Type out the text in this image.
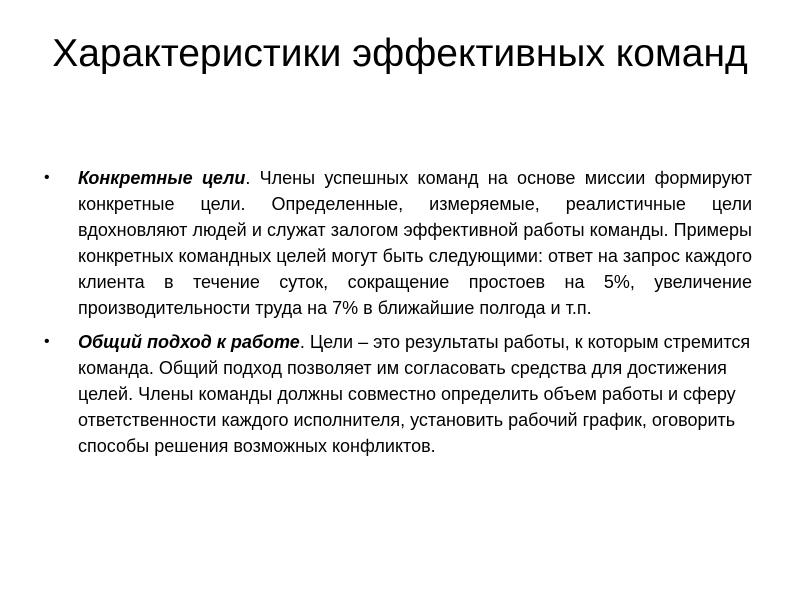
Характеристики эффективных команд
• Конкретные цели. Члены успешных команд на основе миссии формируют конкретные цели. Определенные, измеряемые, реалистичные цели вдохновляют людей и служат залогом эффективной работы команды. Примеры конкретных командных целей могут быть следующими: ответ на запрос каждого клиента в течение суток, сокращение простоев на 5%, увеличение производительности труда на 7% в ближайшие полгода и т.п.
• Общий подход к работе. Цели – это результаты работы, к которым стремится команда. Общий подход позволяет им согласовать средства для достижения целей. Члены команды должны совместно определить объем работы и сферу ответственности каждого исполнителя, установить рабочий график, оговорить способы решения возможных конфликтов.
